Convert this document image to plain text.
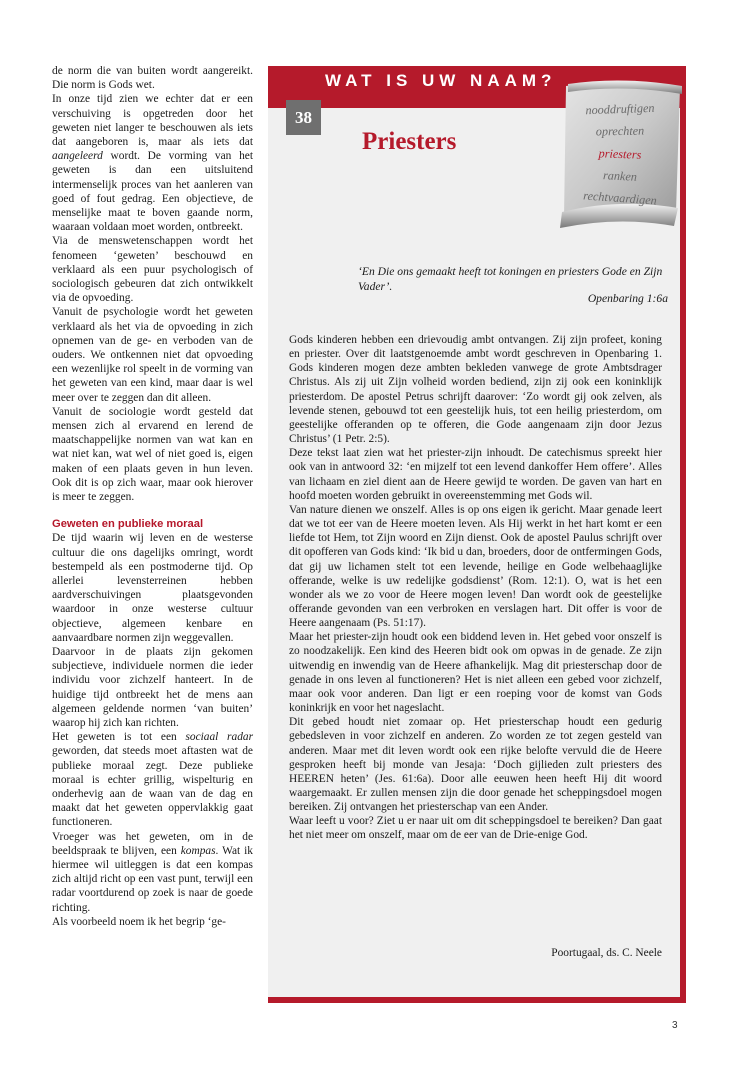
de norm die van buiten wordt aangereikt. Die norm is Gods wet.

In onze tijd zien we echter dat er een verschuiving is opgetreden door het geweten niet langer te beschouwen als iets dat aangeboren is, maar als iets dat aangeleerd wordt. De vorming van het geweten is dan een uitsluitend intermenselijk proces van het aanleren van goed of fout gedrag. Een objectieve, de menselijke maat te boven gaande norm, waaraan voldaan moet worden, ontbreekt.

Via de menswetenschappen wordt het fenomeen ‘geweten’ beschouwd en verklaard als een puur psychologisch of sociologisch gebeuren dat zich ontwikkelt via de opvoeding.

Vanuit de psychologie wordt het geweten verklaard als het via de opvoeding in zich opnemen van de ge- en verboden van de ouders. We ontkennen niet dat opvoeding een wezenlijke rol speelt in de vorming van het geweten van een kind, maar daar is wel meer over te zeggen dan dit alleen.

Vanuit de sociologie wordt gesteld dat mensen zich al ervarend en lerend de maatschappelijke normen van wat kan en wat niet kan, wat wel of niet goed is, eigen maken of een plaats geven in hun leven. Ook dit is op zich waar, maar ook hierover is meer te zeggen.

Geweten en publieke moraal

De tijd waarin wij leven en de westerse cultuur die ons dagelijks omringt, wordt bestempeld als een postmoderne tijd. Op allerlei levensterreinen hebben aardverschuivingen plaatsgevonden waardoor in onze westerse cultuur objectieve, algemeen kenbare en aanvaardbare normen zijn weggevallen.

Daarvoor in de plaats zijn gekomen subjectieve, individuele normen die ieder individu voor zichzelf hanteert. In de huidige tijd ontbreekt het de mens aan algemeen geldende normen ‘van buiten’ waarop hij zich kan richten.

Het geweten is tot een sociaal radar geworden, dat steeds moet aftasten wat de publieke moraal zegt. Deze publieke moraal is echter grillig, wispelturig en onderhevig aan de waan van de dag en maakt dat het geweten oppervlakkig gaat functioneren.

Vroeger was het geweten, om in de beeldspraak te blijven, een kompas. Wat ik hiermee wil uitleggen is dat een kompas zich altijd richt op een vast punt, terwijl een radar voortdurend op zoek is naar de goede richting.

Als voorbeeld noem ik het begrip ‘ge-

WAT IS UW NAAM?
38
Priesters
nooddruftigen
oprechten
priesters
ranken
rechtvaardigen
‘En Die ons gemaakt heeft tot koningen en priesters Gode en Zijn Vader’.
Openbaring 1:6a

Gods kinderen hebben een drievoudig ambt ontvangen. Zij zijn profeet, koning en priester. Over dit laatstgenoemde ambt wordt geschreven in Openbaring 1. Gods kinderen mogen deze ambten bekleden vanwege de grote Ambtsdrager Christus. Als zij uit Zijn volheid worden bediend, zijn zij ook een koninklijk priesterdom. De apostel Petrus schrijft daarover: ‘Zo wordt gij ook zelven, als levende stenen, gebouwd tot een geestelijk huis, tot een heilig priesterdom, om geestelijke offeranden op te offeren, die Gode aangenaam zijn door Jezus Christus’ (1 Petr. 2:5).

Deze tekst laat zien wat het priester-zijn inhoudt. De catechismus spreekt hier ook van in antwoord 32: ‘en mijzelf tot een levend dankoffer Hem offere’. Alles van lichaam en ziel dient aan de Heere gewijd te worden. De gaven van hart en hoofd moeten worden gebruikt in overeenstemming met Gods wil.

Van nature dienen we onszelf. Alles is op ons eigen ik gericht. Maar genade leert dat we tot eer van de Heere moeten leven. Als Hij werkt in het hart komt er een liefde tot Hem, tot Zijn woord en Zijn dienst. Ook de apostel Paulus schrijft over dit opofferen van Gods kind: ‘Ik bid u dan, broeders, door de ontfermingen Gods, dat gij uw lichamen stelt tot een levende, heilige en Gode welbehaaglijke offerande, welke is uw redelijke godsdienst’ (Rom. 12:1). O, wat is het een wonder als we zo voor de Heere mogen leven! Dan wordt ook de geestelijke offerande gevonden van een verbroken en verslagen hart. Dit offer is voor de Heere aangenaam (Ps. 51:17).

Maar het priester-zijn houdt ook een biddend leven in. Het gebed voor onszelf is zo noodzakelijk. Een kind des Heeren bidt ook om opwas in de genade. Ze zijn uitwendig en inwendig van de Heere afhankelijk. Mag dit priesterschap door de genade in ons leven al functioneren? Het is niet alleen een gebed voor zichzelf, maar ook voor anderen. Dan ligt er een roeping voor de komst van Gods koninkrijk en voor het nageslacht.

Dit gebed houdt niet zomaar op. Het priesterschap houdt een gedurig gebedsleven in voor zichzelf en anderen. Zo worden ze tot zegen gesteld van anderen. Maar met dit leven wordt ook een rijke belofte vervuld die de Heere gesproken heeft bij monde van Jesaja: ‘Doch gijlieden zult priesters des HEEREN heten’ (Jes. 61:6a). Door alle eeuwen heen heeft Hij dit woord waargemaakt. Er zullen mensen zijn die door genade het scheppingsdoel mogen bereiken. Zij ontvangen het priesterschap van een Ander.

Waar leeft u voor? Ziet u er naar uit om dit scheppingsdoel te bereiken? Dan gaat het niet meer om onszelf, maar om de eer van de Drie-enige God.

Poortugaal, ds. C. Neele
3
